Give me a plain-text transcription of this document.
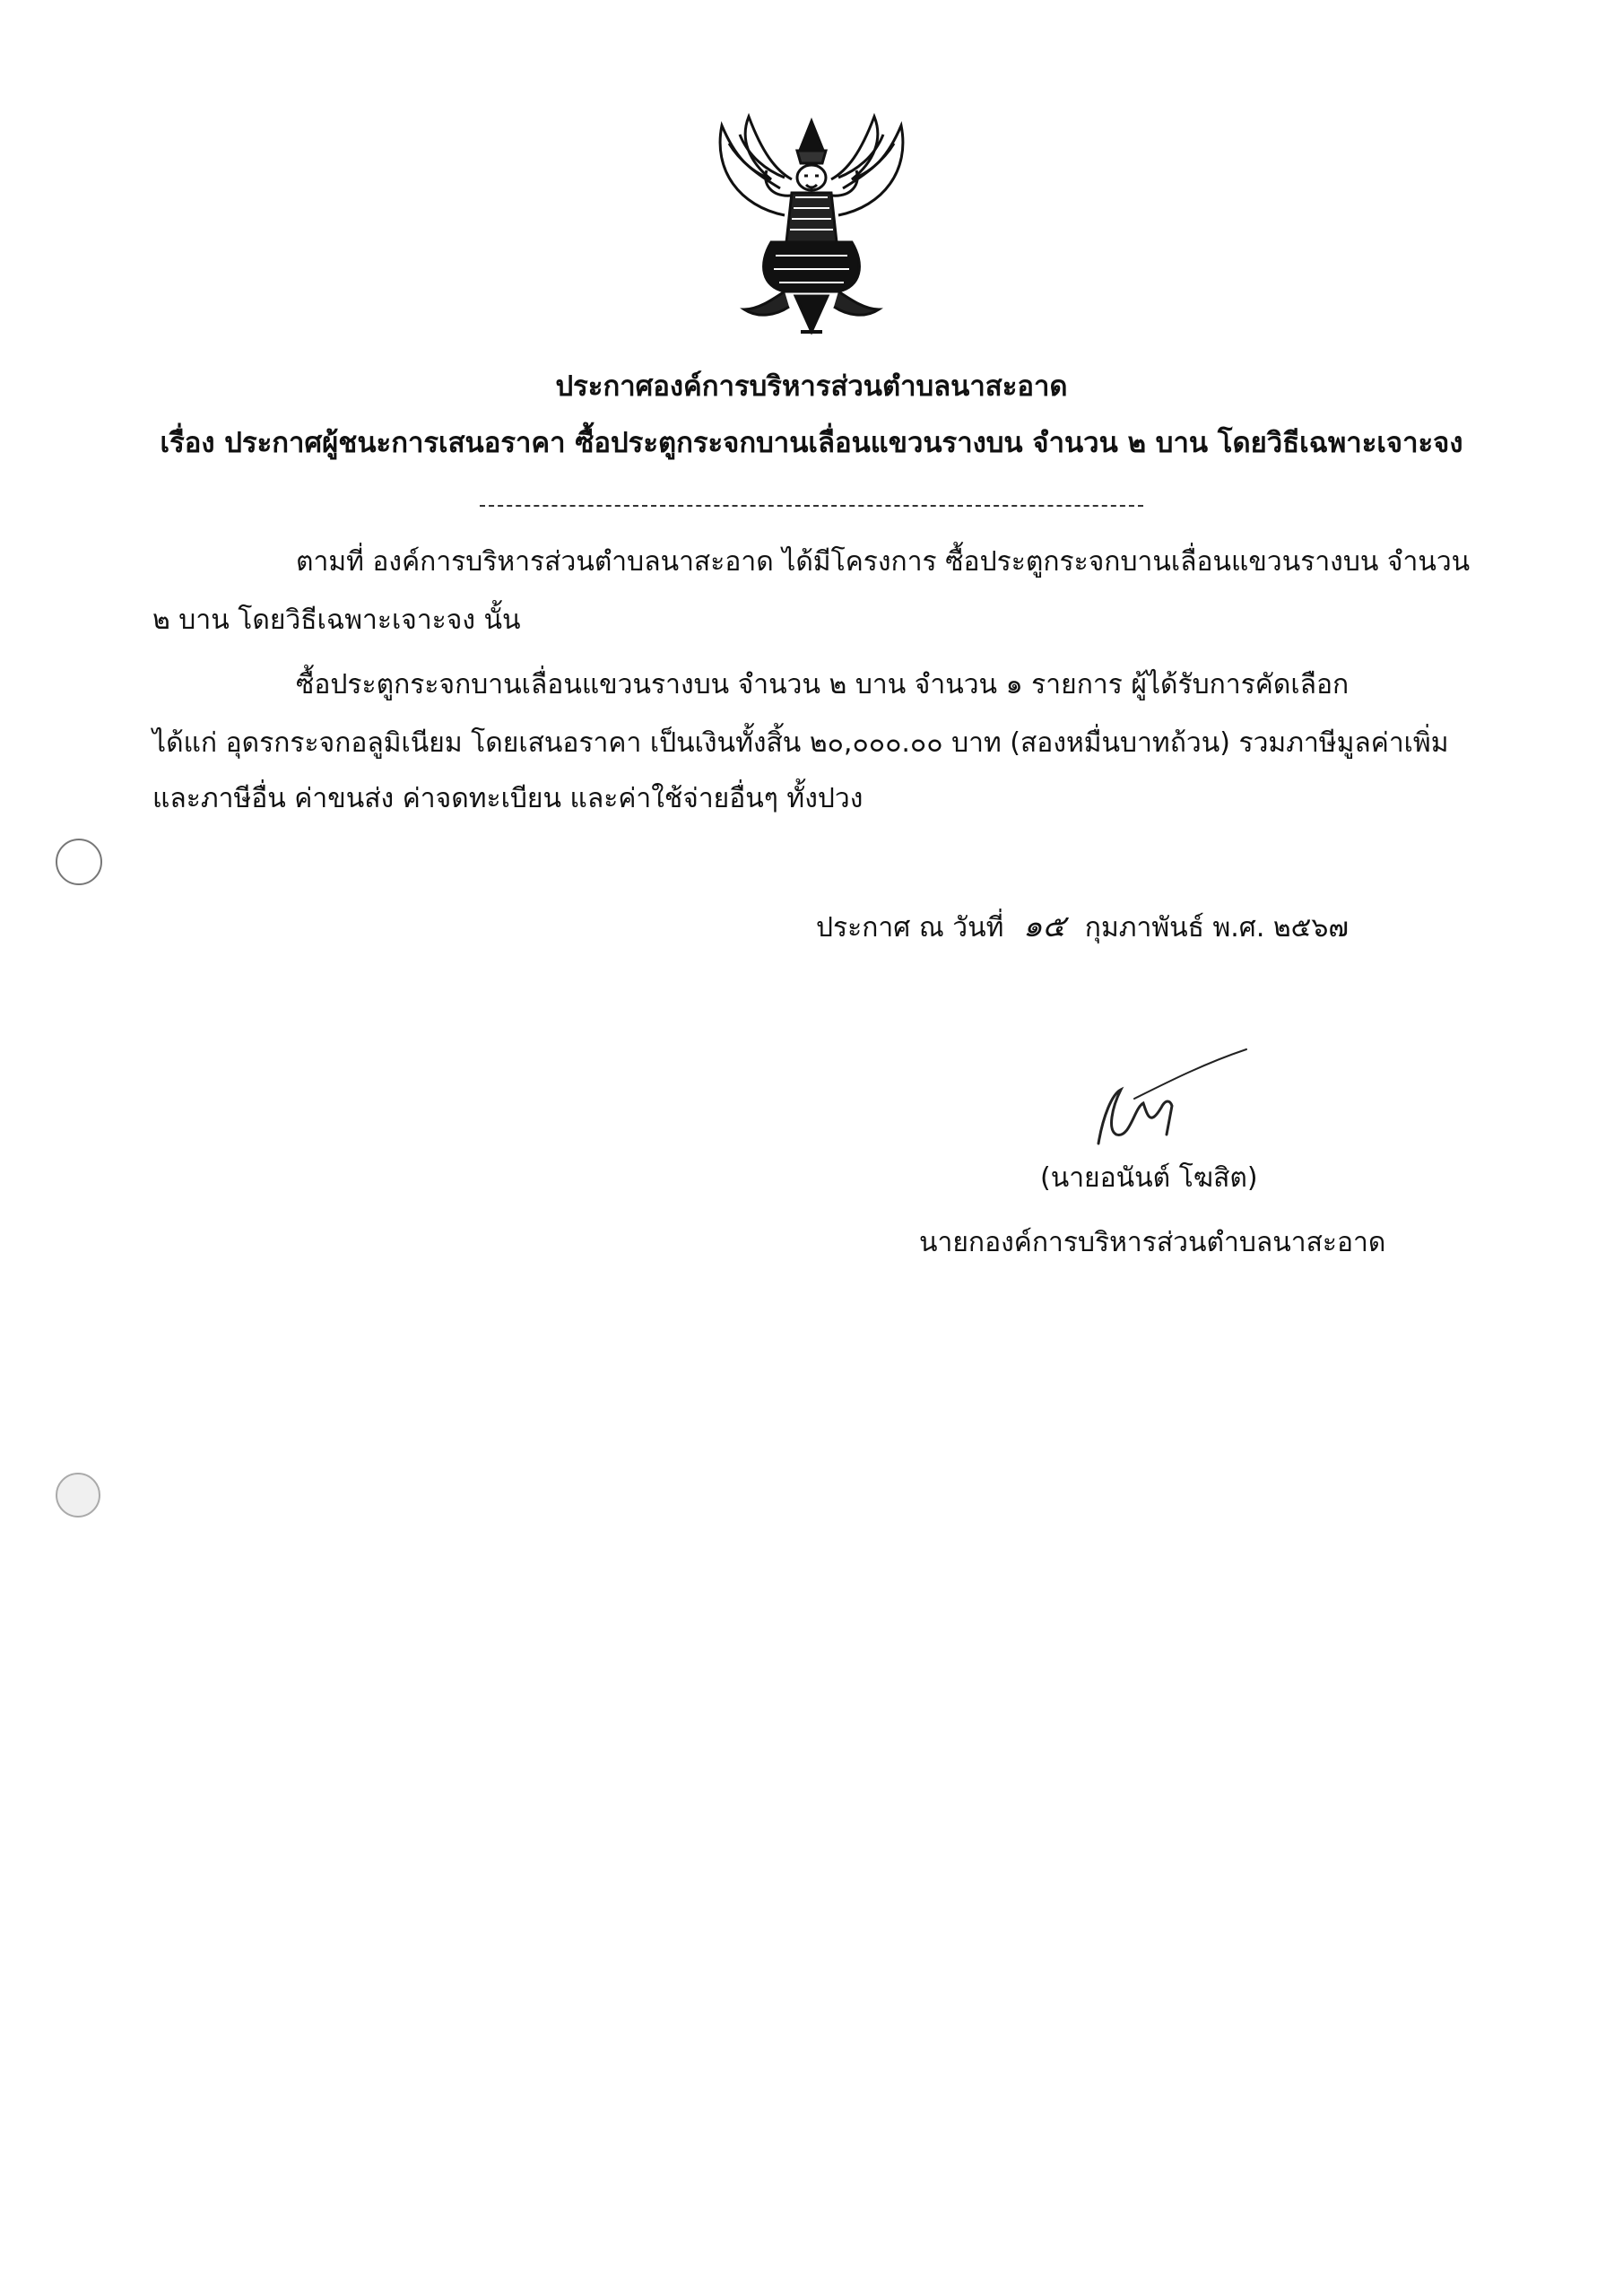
ประกาศองค์การบริหารส่วนตำบลนาสะอาด
เรื่อง ประกาศผู้ชนะการเสนอราคา ซื้อประตูกระจกบานเลื่อนแขวนรางบน จำนวน ๒ บาน โดยวิธีเฉพาะเจาะจง
ตามที่ องค์การบริหารส่วนตำบลนาสะอาด ได้มีโครงการ ซื้อประตูกระจกบานเลื่อนแขวนรางบน จำนวน
๒ บาน โดยวิธีเฉพาะเจาะจง นั้น
ซื้อประตูกระจกบานเลื่อนแขวนรางบน จำนวน ๒ บาน จำนวน ๑ รายการ ผู้ได้รับการคัดเลือก
ได้แก่ อุดรกระจกอลูมิเนียม โดยเสนอราคา เป็นเงินทั้งสิ้น ๒๐,๐๐๐.๐๐ บาท (สองหมื่นบาทถ้วน) รวมภาษีมูลค่าเพิ่ม
และภาษีอื่น ค่าขนส่ง ค่าจดทะเบียน และค่าใช้จ่ายอื่นๆ ทั้งปวง
ประกาศ ณ วันที่ ๑๕ กุมภาพันธ์ พ.ศ. ๒๕๖๗
(นายอนันต์ โฆสิต)
นายกองค์การบริหารส่วนตำบลนาสะอาด
